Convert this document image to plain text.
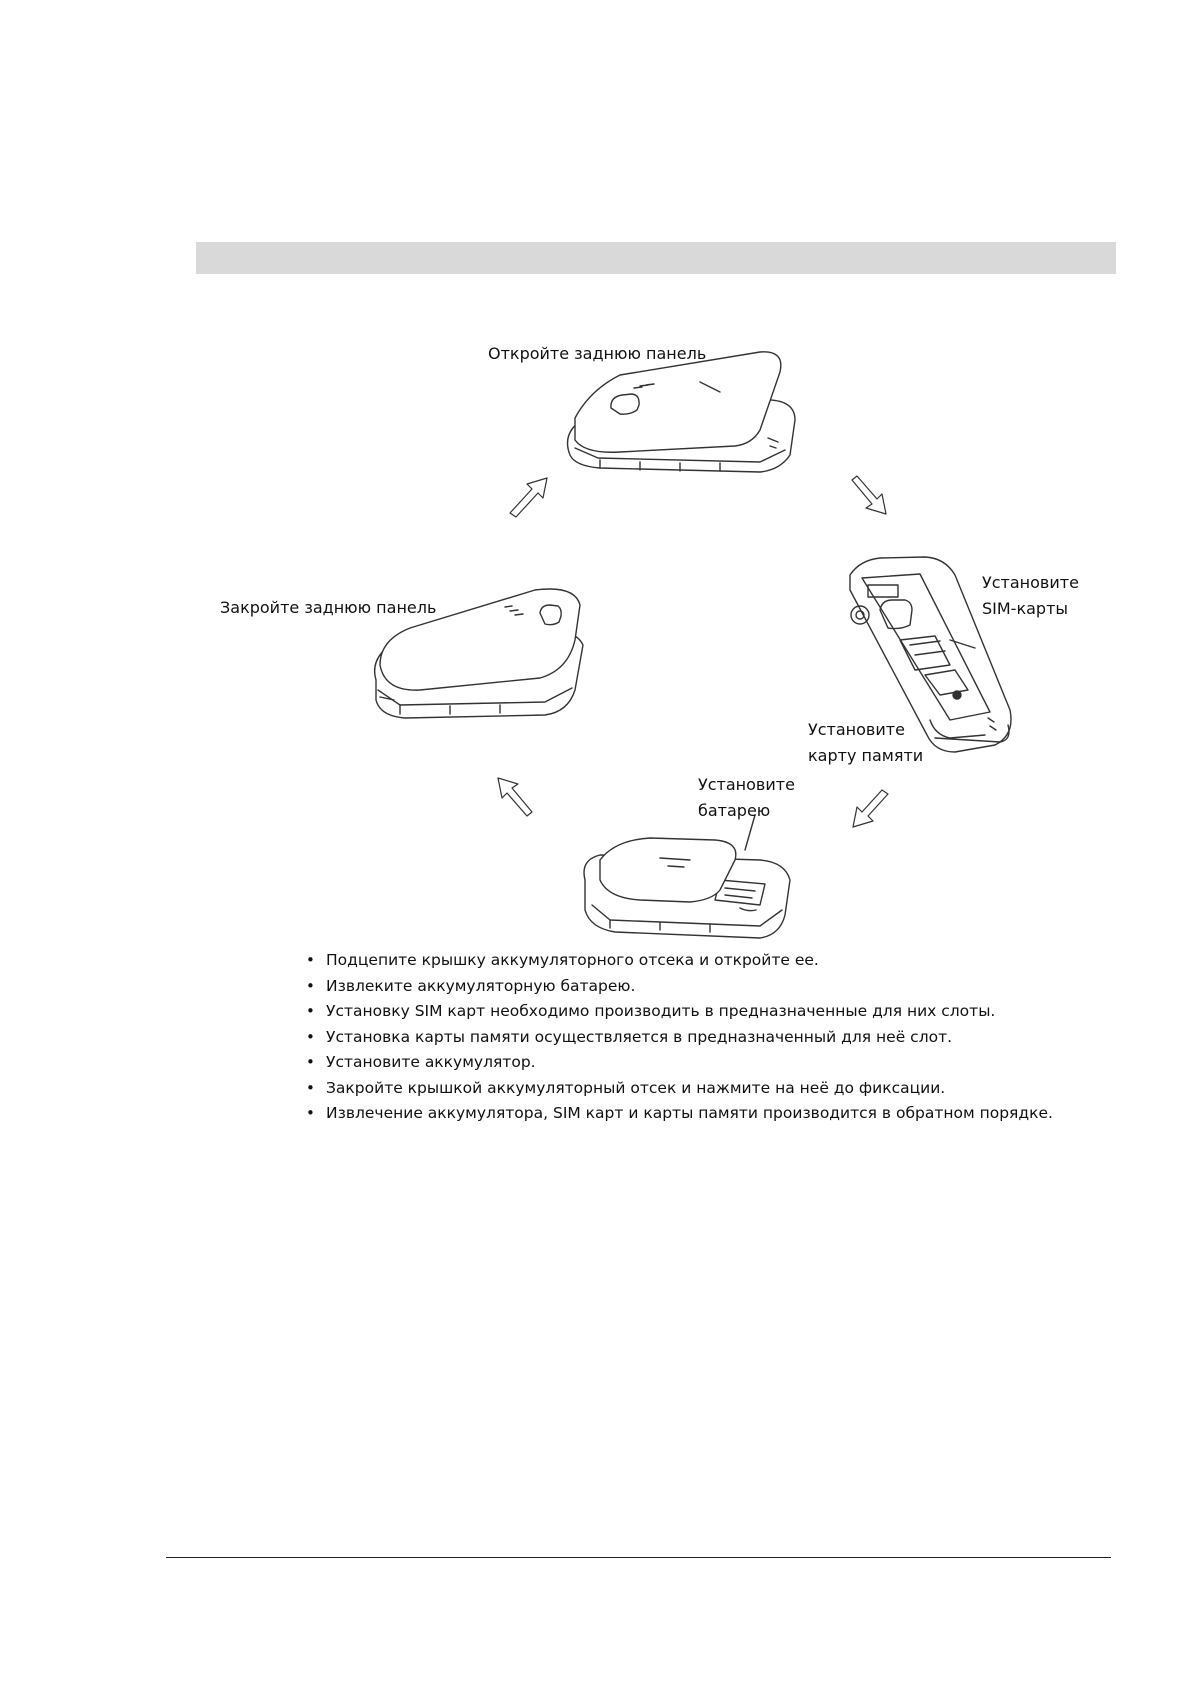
Откройте заднюю панель
Закройте заднюю панель
Установите SIM-карты
Установите карту памяти
Установите батарею
• Подцепите крышку аккумуляторного отсека и откройте ее.
• Извлеките аккумуляторную батарею.
• Установку SIM карт необходимо производить в предназначенные для них слоты.
• Установка карты памяти осуществляется в предназначенный для неё слот.
• Установите аккумулятор.
• Закройте крышкой аккумуляторный отсек и нажмите на неё до фиксации.
• Извлечение аккумулятора, SIM карт и карты памяти производится в обратном порядке.
